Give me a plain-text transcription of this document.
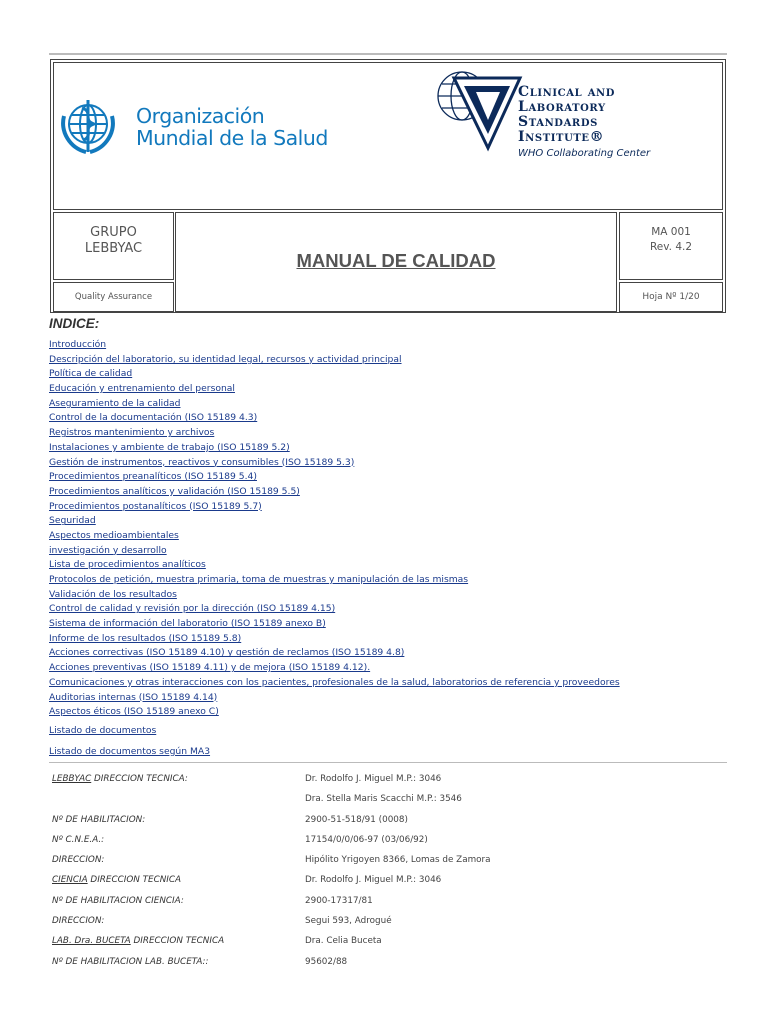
Organización
Mundial de la Salud
Clinical and
Laboratory
Standards
Institute®
WHO Collaborating Center
GRUPO
LEBBYAC
Quality Assurance
MANUAL DE CALIDAD
MA 001
Rev. 4.2
Hoja Nº 1/20
INDICE:
Introducción
Descripción del laboratorio, su identidad legal, recursos y actividad principal
Política de calidad
Educación y entrenamiento del personal
Aseguramiento de la calidad
Control de la documentación (ISO 15189 4.3)
Registros mantenimiento y archivos
Instalaciones y ambiente de trabajo (ISO 15189 5.2)
Gestión de instrumentos, reactivos y consumibles (ISO 15189 5.3)
Procedimientos preanalíticos (ISO 15189 5.4)
Procedimientos analíticos y validación (ISO 15189 5.5)
Procedimientos postanalíticos (ISO 15189 5.7)
Seguridad
Aspectos medioambientales
investigación y desarrollo
Lista de procedimientos analíticos
Protocolos de petición, muestra primaria, toma de muestras y manipulación de las mismas
Validación de los resultados
Control de calidad y revisión por la dirección (ISO 15189 4.15)
Sistema de información del laboratorio (ISO 15189 anexo B)
Informe de los resultados (ISO 15189 5.8)
Acciones correctivas (ISO 15189 4.10) y gestión de reclamos (ISO 15189 4.8)
Acciones preventivas (ISO 15189 4.11) y de mejora (ISO 15189 4.12).
Comunicaciones y otras interacciones con los pacientes, profesionales de la salud, laboratorios de referencia y proveedores
Auditorias internas (ISO 15189 4.14)
Aspectos éticos (ISO 15189 anexo C)
Listado de documentos
Listado de documentos según MA3
LEBBYAC DIRECCION TECNICA:	Dr. Rodolfo J. Miguel M.P.: 3046
Dra. Stella Maris Scacchi M.P.: 3546
Nº DE HABILITACION:	2900-51-518/91 (0008)
Nº C.N.E.A.:	17154/0/0/06-97 (03/06/92)
DIRECCION:	Hipólito Yrigoyen 8366, Lomas de Zamora
CIENCIA DIRECCION TECNICA	Dr. Rodolfo J. Miguel M.P.: 3046
Nº DE HABILITACION CIENCIA:	2900-17317/81
DIRECCION:	Segui 593, Adrogué
LAB. Dra. BUCETA DIRECCION TECNICA	Dra. Celia Buceta
Nº DE HABILITACION LAB. BUCETA::	95602/88
